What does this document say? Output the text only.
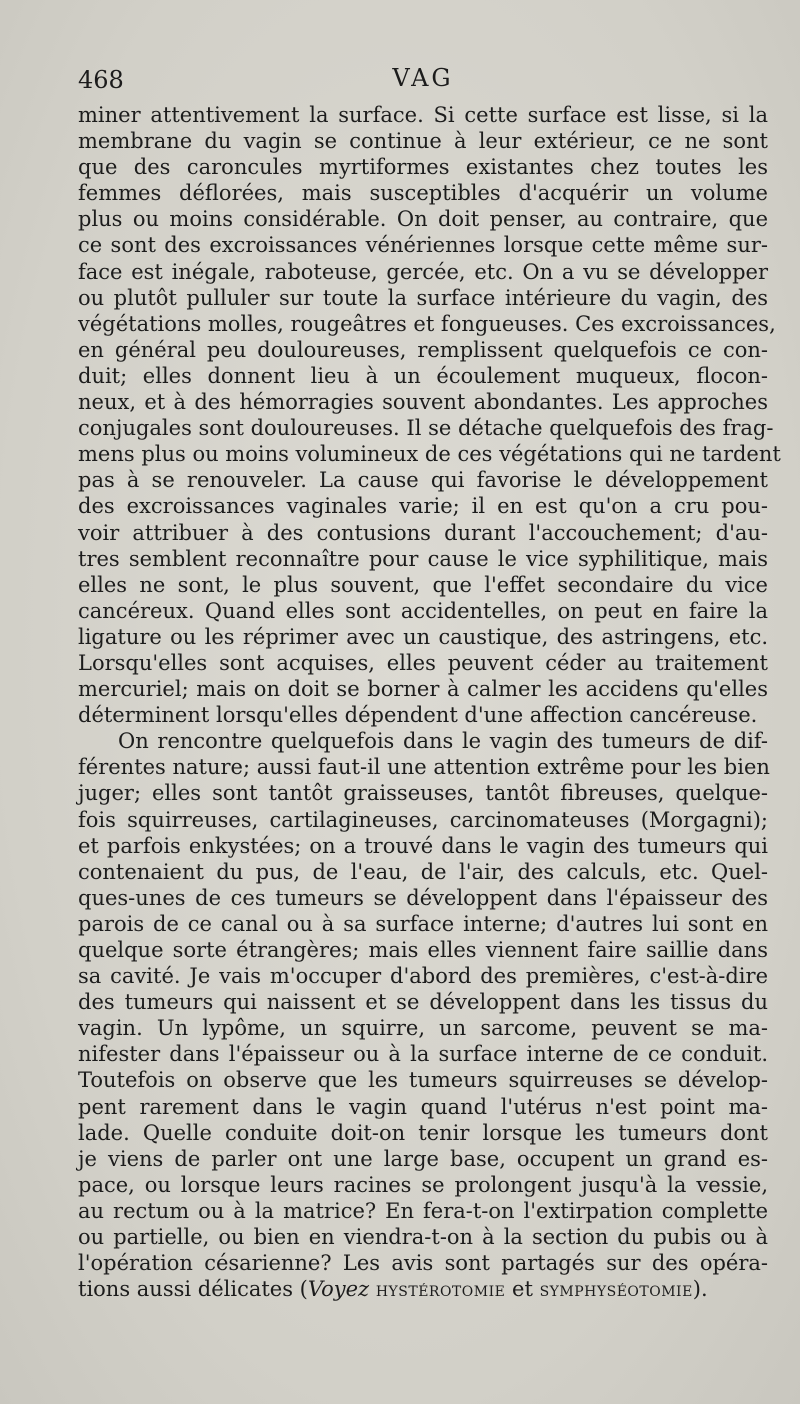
468	VAG
miner attentivement la surface. Si cette surface est lisse, si la
membrane du vagin se continue à leur extérieur, ce ne sont
que des caroncules myrtiformes existantes chez toutes les
femmes déflorées, mais susceptibles d'acquérir un volume
plus ou moins considérable. On doit penser, au contraire, que
ce sont des excroissances vénériennes lorsque cette même sur-
face est inégale, raboteuse, gercée, etc. On a vu se développer
ou plutôt pulluler sur toute la surface intérieure du vagin, des
végétations molles, rougeâtres et fongueuses. Ces excroissances,
en général peu douloureuses, remplissent quelquefois ce con-
duit; elles donnent lieu à un écoulement muqueux, flocon-
neux, et à des hémorragies souvent abondantes. Les approches
conjugales sont douloureuses. Il se détache quelquefois des frag-
mens plus ou moins volumineux de ces végétations qui ne tardent
pas à se renouveler. La cause qui favorise le développement
des excroissances vaginales varie; il en est qu'on a cru pou-
voir attribuer à des contusions durant l'accouchement; d'au-
tres semblent reconnaître pour cause le vice syphilitique, mais
elles ne sont, le plus souvent, que l'effet secondaire du vice
cancéreux. Quand elles sont accidentelles, on peut en faire la
ligature ou les réprimer avec un caustique, des astringens, etc.
Lorsqu'elles sont acquises, elles peuvent céder au traitement
mercuriel; mais on doit se borner à calmer les accidens qu'elles
déterminent lorsqu'elles dépendent d'une affection cancéreuse.
On rencontre quelquefois dans le vagin des tumeurs de dif-
férentes nature; aussi faut-il une attention extrême pour les bien
juger; elles sont tantôt graisseuses, tantôt fibreuses, quelque-
fois squirreuses, cartilagineuses, carcinomateuses (Morgagni);
et parfois enkystées; on a trouvé dans le vagin des tumeurs qui
contenaient du pus, de l'eau, de l'air, des calculs, etc. Quel-
ques-unes de ces tumeurs se développent dans l'épaisseur des
parois de ce canal ou à sa surface interne; d'autres lui sont en
quelque sorte étrangères; mais elles viennent faire saillie dans
sa cavité. Je vais m'occuper d'abord des premières, c'est-à-dire
des tumeurs qui naissent et se développent dans les tissus du
vagin. Un lypôme, un squirre, un sarcome, peuvent se ma-
nifester dans l'épaisseur ou à la surface interne de ce conduit.
Toutefois on observe que les tumeurs squirreuses se dévelop-
pent rarement dans le vagin quand l'utérus n'est point ma-
lade. Quelle conduite doit-on tenir lorsque les tumeurs dont
je viens de parler ont une large base, occupent un grand es-
pace, ou lorsque leurs racines se prolongent jusqu'à la vessie,
au rectum ou à la matrice? En fera-t-on l'extirpation complette
ou partielle, ou bien en viendra-t-on à la section du pubis ou à
l'opération césarienne? Les avis sont partagés sur des opéra-
tions aussi délicates (Voyez HYSTÉROTOMIE et SYMPHYSÉOTOMIE).
